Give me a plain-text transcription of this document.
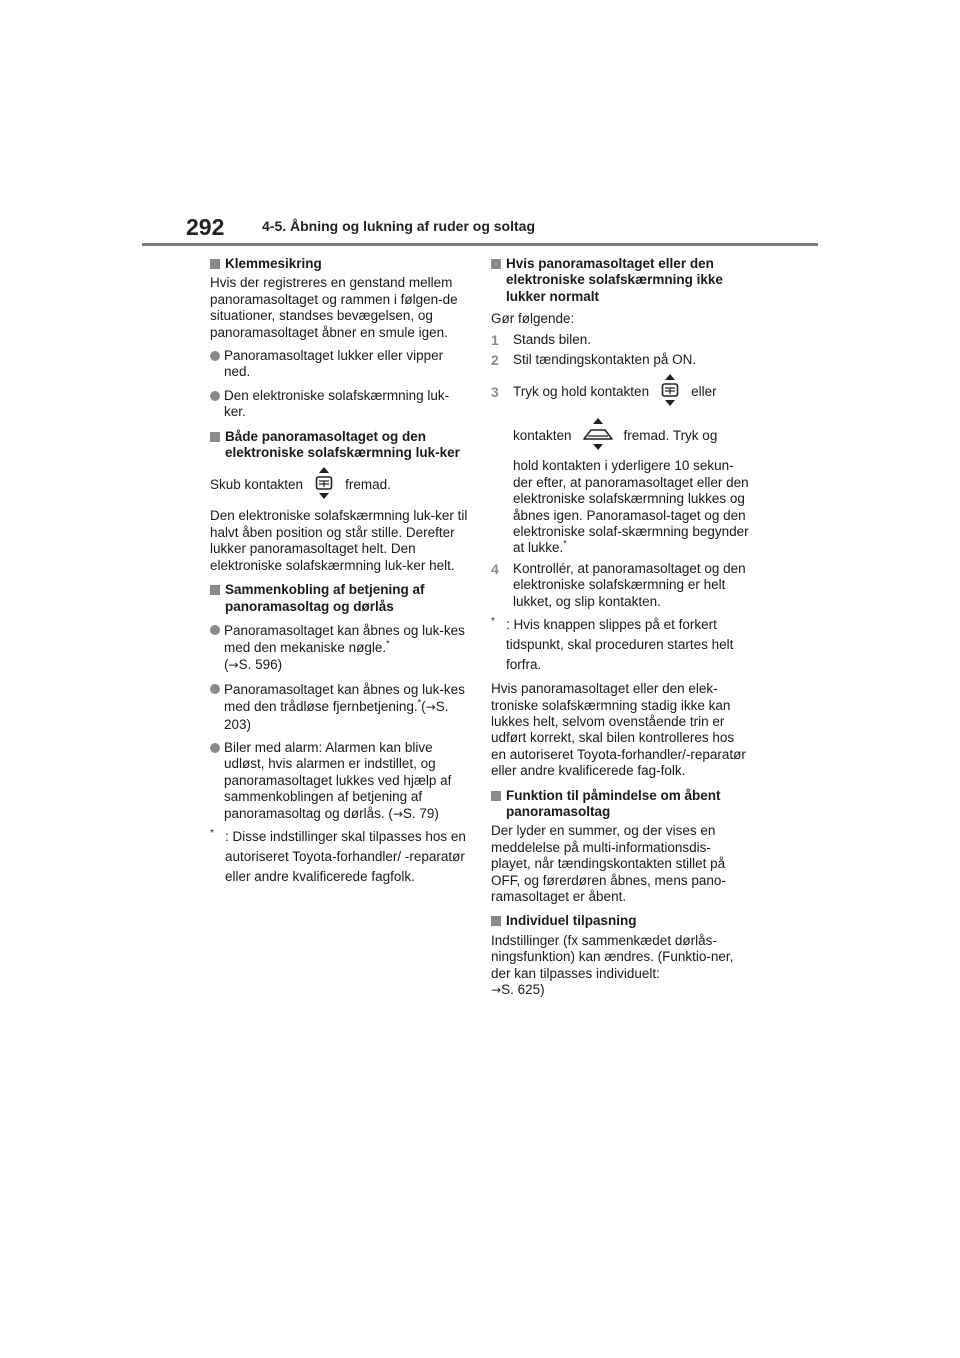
292	4-5. Åbning og lukning af ruder og soltag
Klemmesikring
Hvis der registreres en genstand mellem panoramasoltaget og rammen i følgen-de situationer, standses bevægelsen, og panoramasoltaget åbner en smule igen.
Panoramasoltaget lukker eller vipper ned.
Den elektroniske solafskærmning luk-ker.
Både panoramasoltaget og den elektroniske solafskærmning luk-ker
Skub kontakten	fremad.
Den elektroniske solafskærmning luk-ker til halvt åben position og står stille. Derefter lukker panoramasoltaget helt. Den elektroniske solafskærmning luk-ker helt.
Sammenkobling af betjening af panoramasoltag og dørlås
Panoramasoltaget kan åbnes og luk-kes med den mekaniske nøgle.*
(→S. 596)
Panoramasoltaget kan åbnes og luk-kes med den trådløse fjernbetjening.*(→S. 203)
Biler med alarm: Alarmen kan blive udløst, hvis alarmen er indstillet, og panoramasoltaget lukkes ved hjælp af sammenkoblingen af betjening af panoramasoltag og dørlås. (→S. 79)
* : Disse indstillinger skal tilpasses hos en autoriseret Toyota-forhandler/ -reparatør eller andre kvalificerede fagfolk.
Hvis panoramasoltaget eller den elektroniske solafskærmning ikke lukker normalt
Gør følgende:
1 Stands bilen.
2 Stil tændingskontakten på ON.
3 Tryk og hold kontakten	eller
kontakten	fremad. Tryk og
hold kontakten i yderligere 10 sekun-der efter, at panoramasoltaget eller den elektroniske solafskærmning lukkes og åbnes igen. Panoramasol-taget og den elektroniske solaf-skærmning begynder at lukke.*
4 Kontrollér, at panoramasoltaget og den elektroniske solafskærmning er helt lukket, og slip kontakten.
* : Hvis knappen slippes på et forkert tidspunkt, skal proceduren startes helt forfra.
Hvis panoramasoltaget eller den elek-troniske solafskærmning stadig ikke kan lukkes helt, selvom ovenstående trin er udført korrekt, skal bilen kontrolleres hos en autoriseret Toyota-forhandler/-reparatør eller andre kvalificerede fag-folk.
Funktion til påmindelse om åbent panoramasoltag
Der lyder en summer, og der vises en meddelelse på multi-informationsdis-playet, når tændingskontakten stillet på OFF, og førerdøren åbnes, mens pano-ramasoltaget er åbent.
Individuel tilpasning
Indstillinger (fx sammenkædet dørlås-ningsfunktion) kan ændres. (Funktio-ner, der kan tilpasses individuelt:
→S. 625)
